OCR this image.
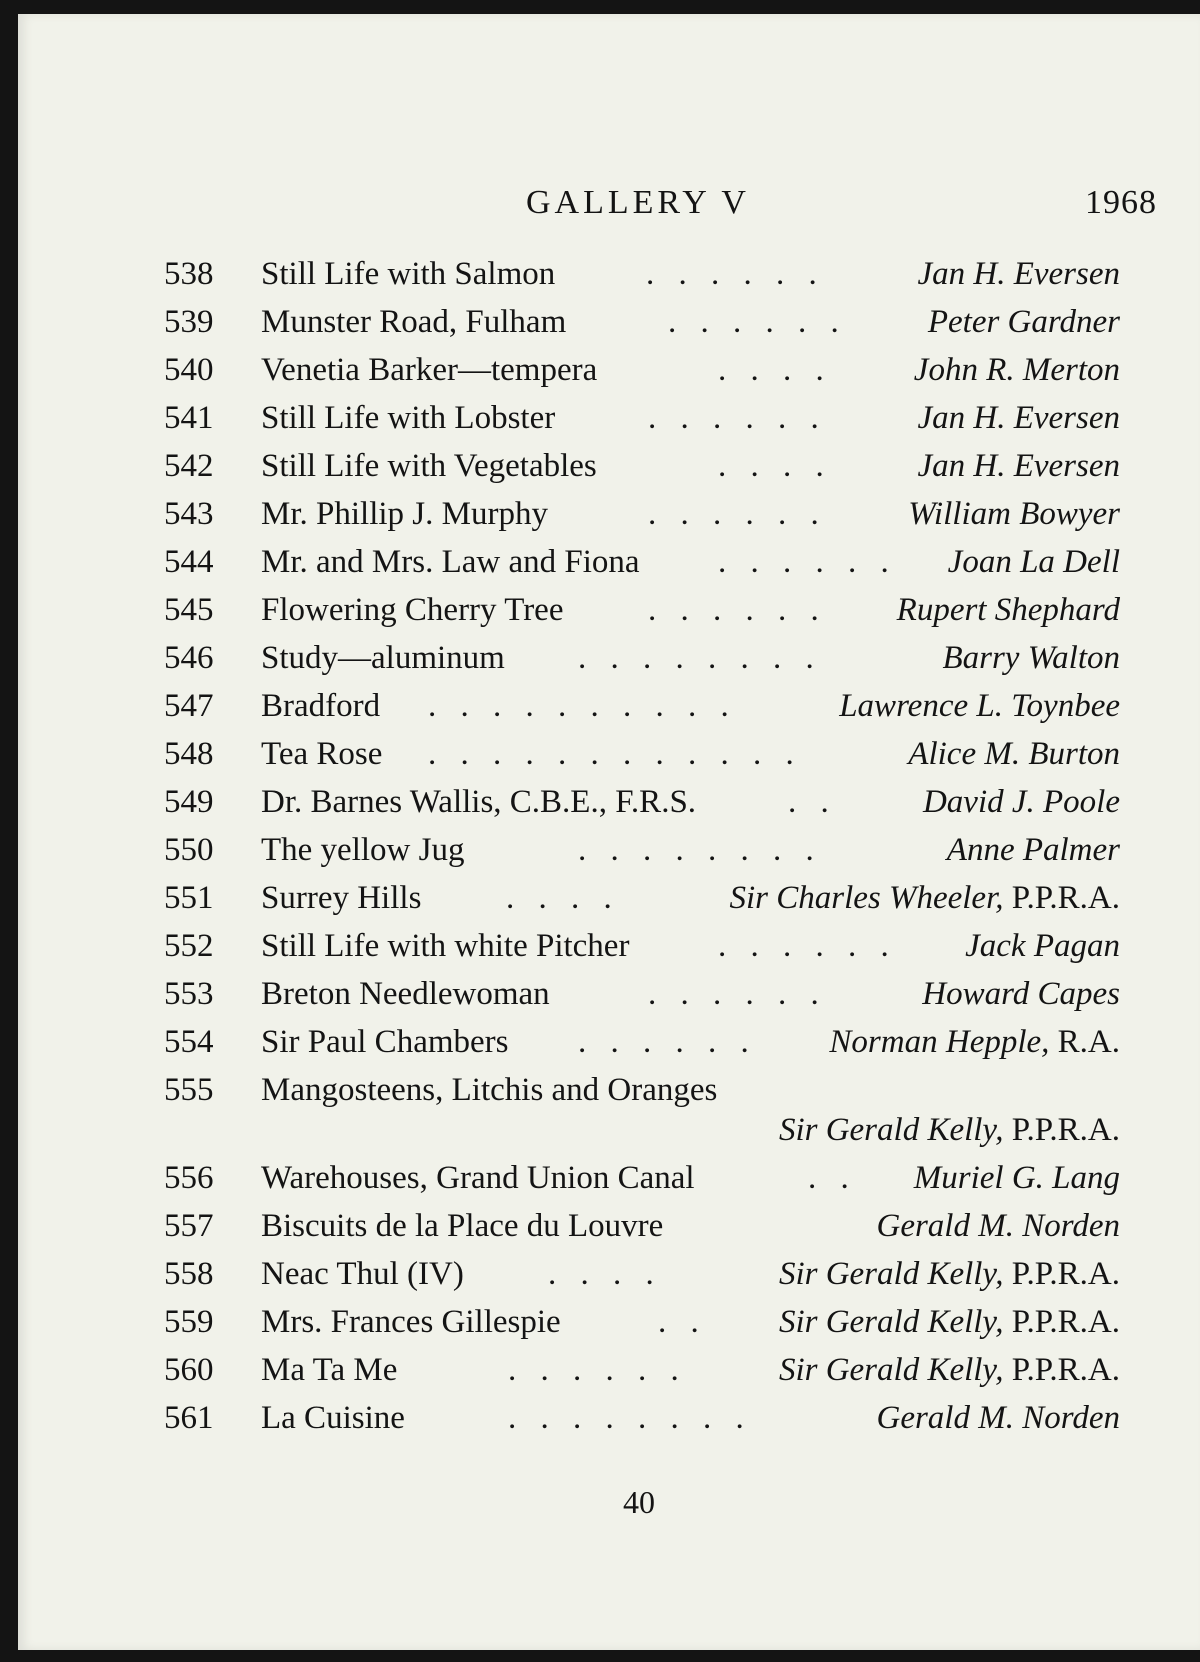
GALLERY V	1968
538	Still Life with Salmon	. . . . . .	Jan H. Eversen
539	Munster Road, Fulham	. . . . . . Peter Gardner
540	Venetia Barker—tempera	. . . . John R. Merton
541	Still Life with Lobster	. . . . . .	Jan H. Eversen
542	Still Life with Vegetables	. . . .	Jan H. Eversen
543	Mr. Phillip J. Murphy	. . . . . . William Bowyer
544	Mr. and Mrs. Law and Fiona . . . . . . Joan La Dell
545	Flowering Cherry Tree	. . . . . . Rupert Shephard
546	Study—aluminum . . . . . . . .	Barry Walton
547	Bradford . . . . . . . . . .	Lawrence L. Toynbee
548	Tea Rose . . . . . . . . . . . .	Alice M. Burton
549	Dr. Barnes Wallis, C.B.E., F.R.S.	. .	David J. Poole
550	The yellow Jug	. . . . . . . .	Anne Palmer
551	Surrey Hills	. . . .	Sir Charles Wheeler, P.P.R.A.
552	Still Life with white Pitcher	. . . . . . Jack Pagan
553	Breton Needlewoman	. . . . . .	Howard Capes
554	Sir Paul Chambers . . . . . . Norman Hepple, R.A.
555	Mangosteens, Litchis and Oranges
Sir Gerald Kelly, P.P.R.A.
556	Warehouses, Grand Union Canal	. . Muriel G. Lang
557	Biscuits de la Place du Louvre	Gerald M. Norden
558	Neac Thul (IV)	. . . .	Sir Gerald Kelly, P.P.R.A.
559	Mrs. Frances Gillespie	. . Sir Gerald Kelly, P.P.R.A.
560	Ma Ta Me	. . . . . .	Sir Gerald Kelly, P.P.R.A.
561	La Cuisine	. . . . . . . .	Gerald M. Norden
40
